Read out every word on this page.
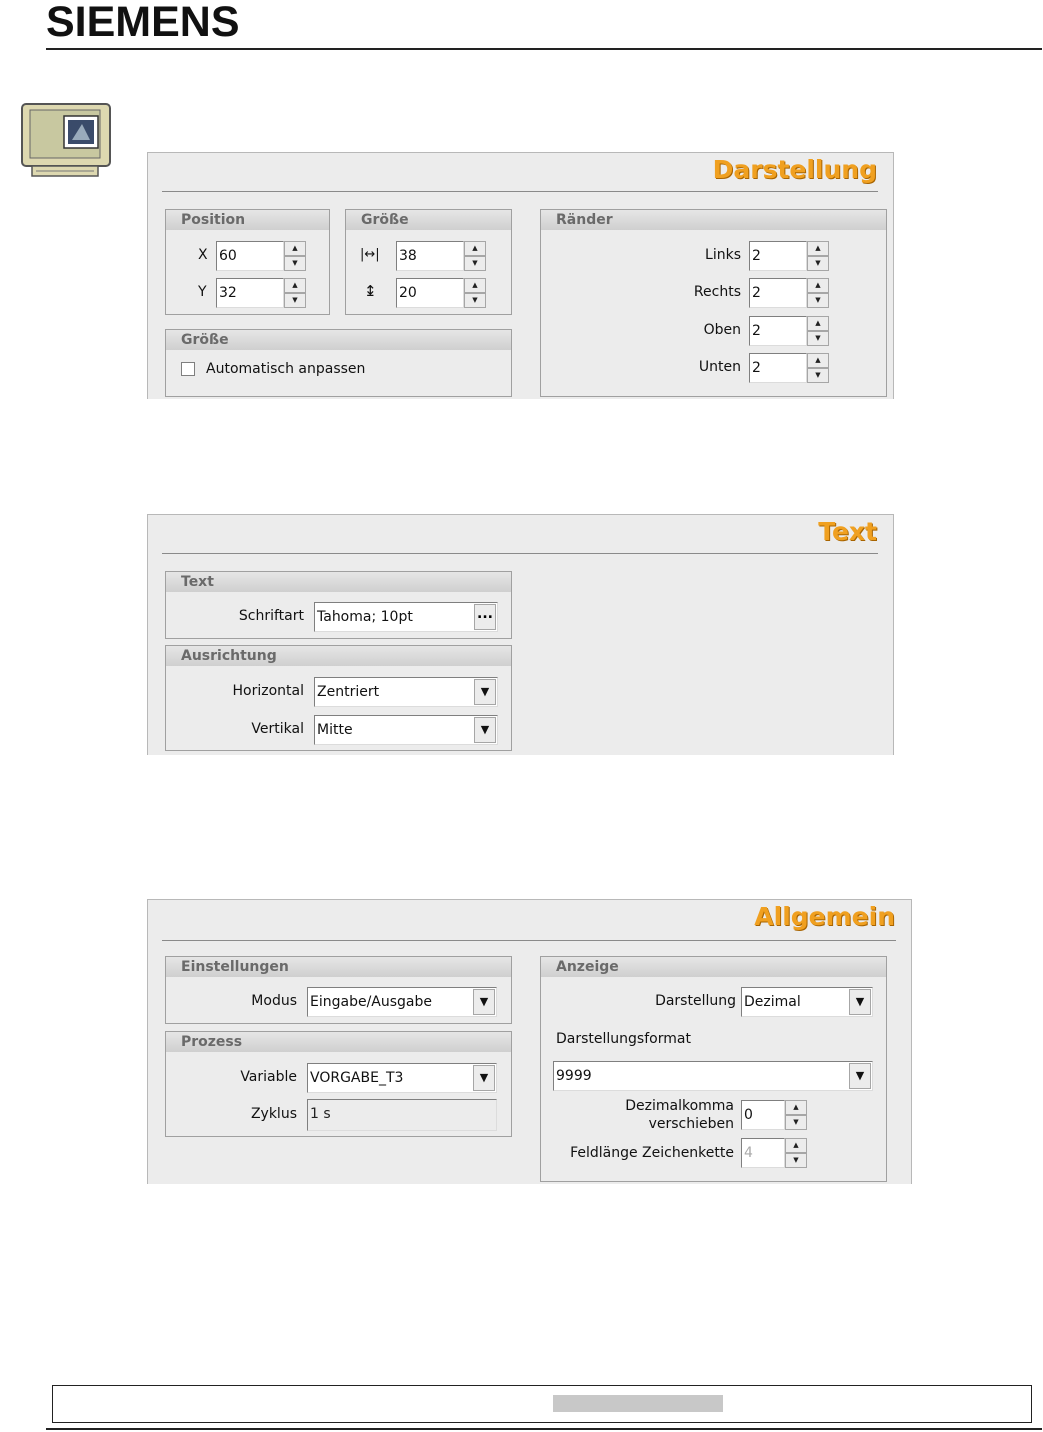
SIEMENS
Darstellung
Position
X 60	▲
▼
Y 32	▲
▼
Größe
|↔| 38	▲
▼
↨ 20	▲
▼
Größe
Automatisch anpassen
Ränder
Links 2	▲
▼
Rechts 2	▲
▼
Oben 2	▲
▼
Unten 2	▲
▼
Text
Text
Schriftart Tahoma; 10pt	...
Ausrichtung
Horizontal Zentriert	▼
Vertikal Mitte	▼
Allgemein
Einstellungen
Modus Eingabe/Ausgabe	▼
Prozess
Variable VORGABE_T3	▼
Zyklus 1 s
Anzeige
Darstellung Dezimal	▼
Darstellungsformat
9999	▼
Dezimalkomma
verschieben
0	▲
▼
Feldlänge Zeichenkette 4	▲
▼
